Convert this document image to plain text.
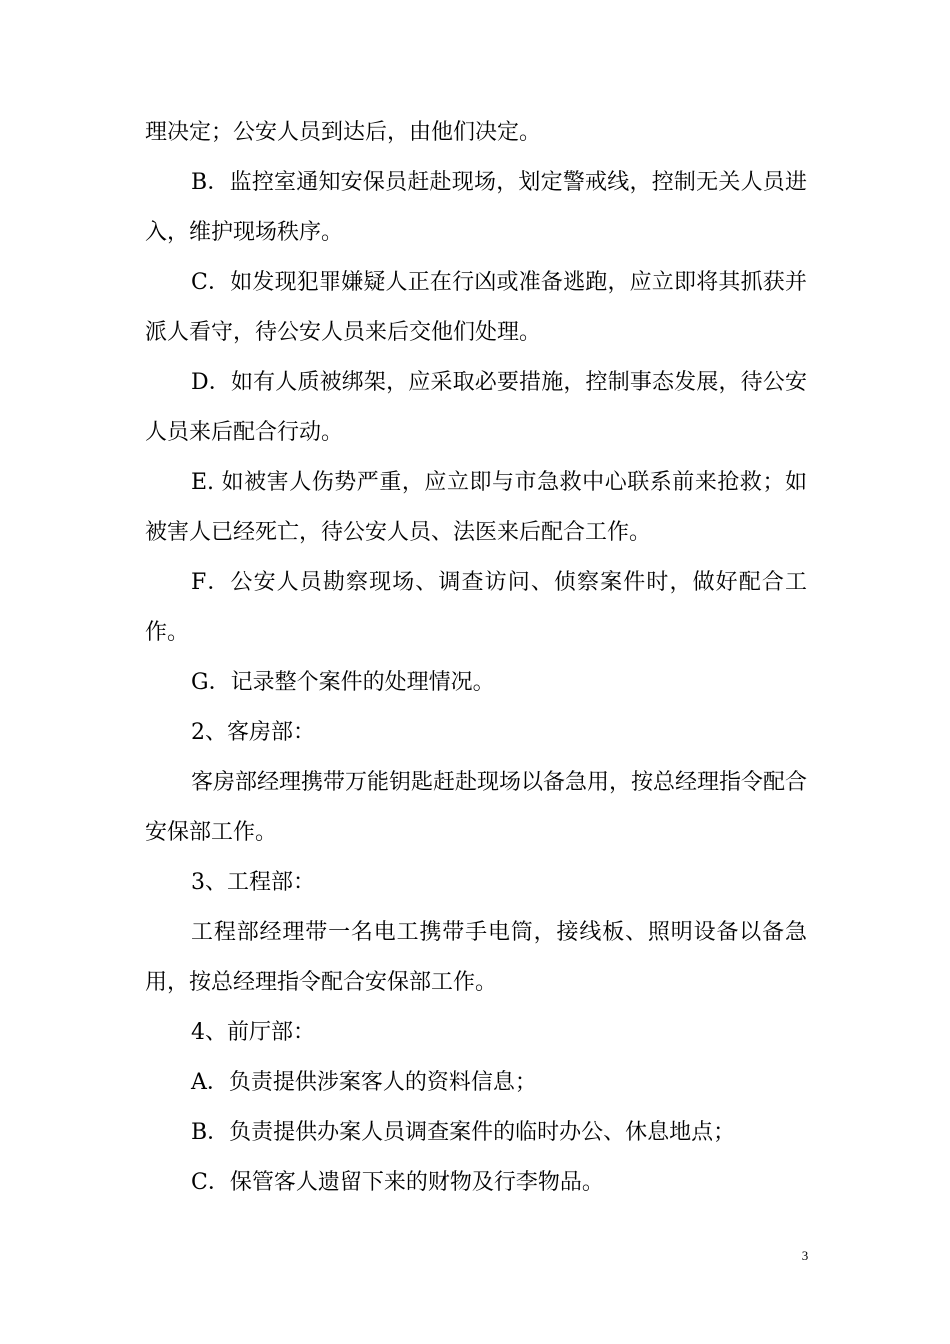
理决定；公安人员到达后，由他们决定。

B．监控室通知安保员赶赴现场，划定警戒线，控制无关人员进入，维护现场秩序。

C．如发现犯罪嫌疑人正在行凶或准备逃跑，应立即将其抓获并派人看守，待公安人员来后交他们处理。

D．如有人质被绑架，应采取必要措施，控制事态发展，待公安人员来后配合行动。

E. 如被害人伤势严重，应立即与市急救中心联系前来抢救；如被害人已经死亡，待公安人员、法医来后配合工作。

F．公安人员勘察现场、调查访问、侦察案件时，做好配合工作。

G．记录整个案件的处理情况。

2、客房部：

客房部经理携带万能钥匙赶赴现场以备急用，按总经理指令配合安保部工作。

3、工程部：

工程部经理带一名电工携带手电筒，接线板、照明设备以备急用，按总经理指令配合安保部工作。

4、前厅部：

A．负责提供涉案客人的资料信息；

B．负责提供办案人员调查案件的临时办公、休息地点；

C．保管客人遗留下来的财物及行李物品。

3
